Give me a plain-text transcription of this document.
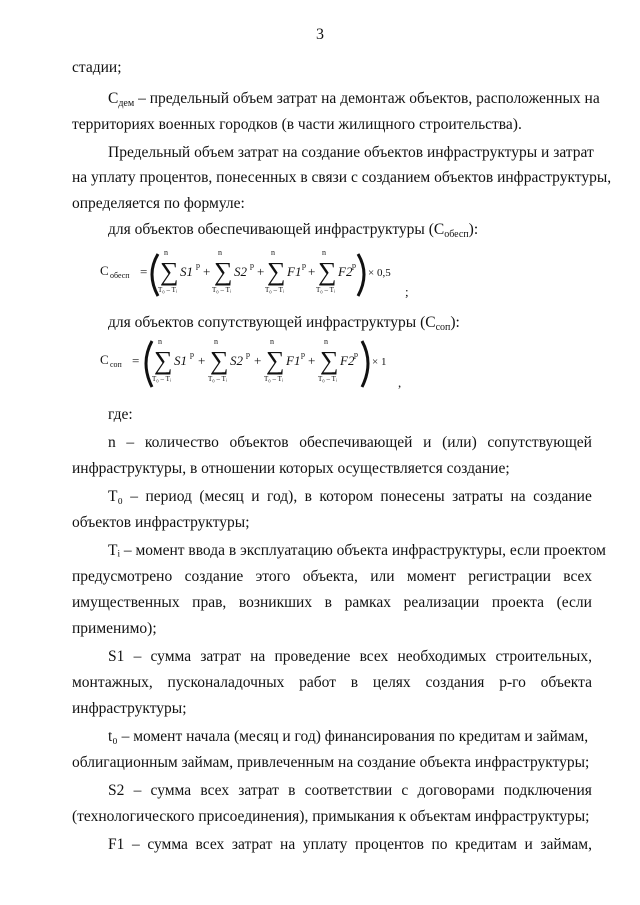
3
стадии;
$С_{дем}$ – предельный объем затрат на демонтаж объектов, расположенных на
территориях военных городков (в части жилищного строительства).
Предельный объем затрат на создание объектов инфраструктуры и затрат
на уплату процентов, понесенных в связи с созданием объектов инфраструктуры,
определяется по формуле:
для объектов обеспечивающей инфраструктуры $(С_{обесп})$:
С обесп =
n
∑
T₀ – Tᵢ
S1 p +
n
∑
T₀ – Tᵢ
S2 p +
n
∑
T₀ – Tᵢ
F1 p +
n
∑
T₀ – Tᵢ
F2 p
× 0,5
;
для объектов сопутствующей инфраструктуры $(С_{соп})$:
С соп =
n
∑
T₀ – Tᵢ
S1 p +
n
∑
T₀ – Tᵢ
S2 p +
n
∑
T₀ – Tᵢ
F1 p +
n
∑
T₀ – Tᵢ
F2 p
× 1
,
где:
n – количество объектов обеспечивающей и (или) сопутствующей
инфраструктуры, в отношении которых осуществляется создание;
T₀ – период (месяц и год), в котором понесены затраты на создание
объектов инфраструктуры;
Tᵢ – момент ввода в эксплуатацию объекта инфраструктуры, если проектом
предусмотрено создание этого объекта, или момент регистрации всех
имущественных прав, возникших в рамках реализации проекта (если
применимо);
S1 – сумма затрат на проведение всех необходимых строительных,
монтажных, пусконаладочных работ в целях создания p-го объекта
инфраструктуры;
t₀ – момент начала (месяц и год) финансирования по кредитам и займам,
облигационным займам, привлеченным на создание объекта инфраструктуры;
S2 – сумма всех затрат в соответствии с договорами подключения
(технологического присоединения), примыкания к объектам инфраструктуры;
F1 – сумма всех затрат на уплату процентов по кредитам и займам,
